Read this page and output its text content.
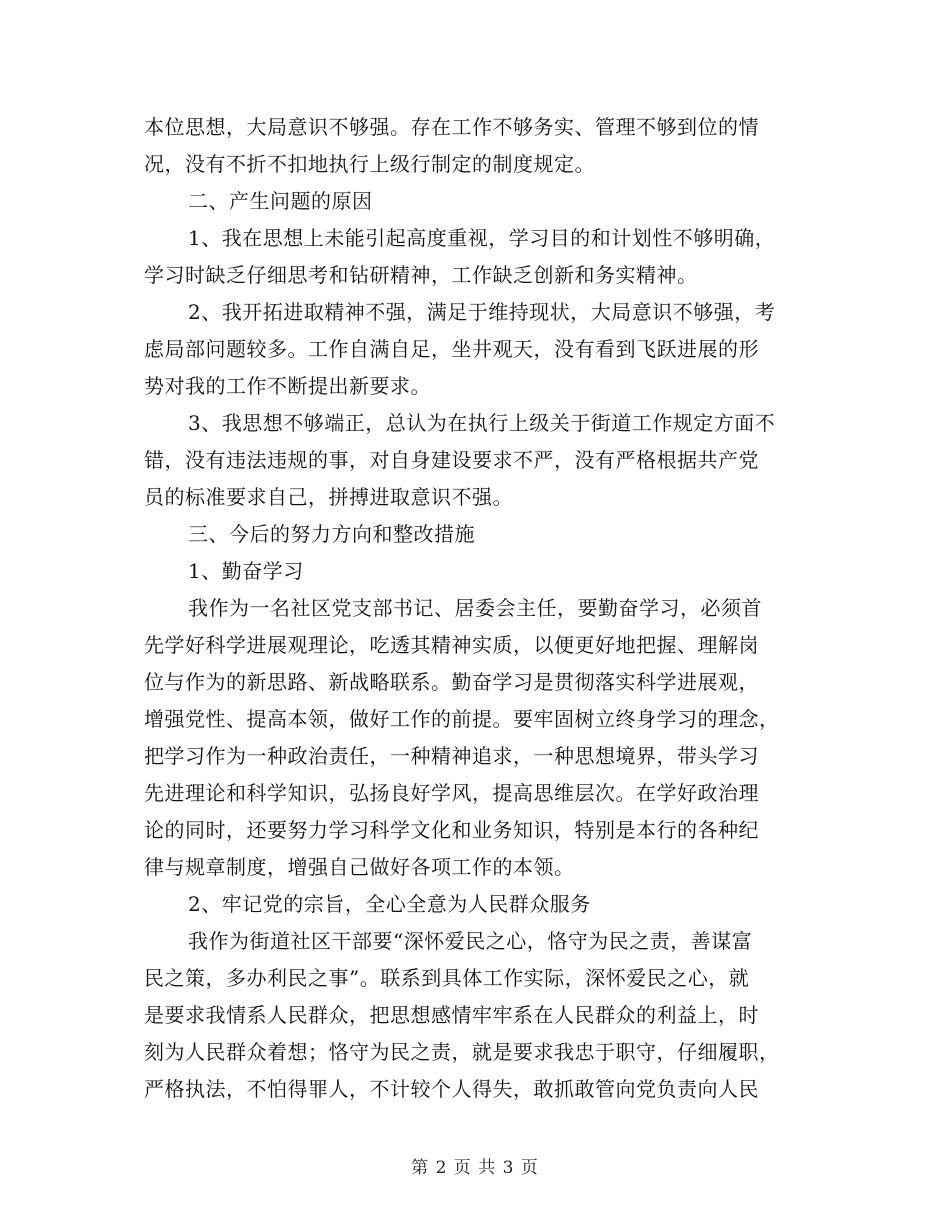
本位思想，大局意识不够强。存在工作不够务实、管理不够到位的情
况，没有不折不扣地执行上级行制定的制度规定。
二、产生问题的原因
1、我在思想上未能引起高度重视，学习目的和计划性不够明确，
学习时缺乏仔细思考和钻研精神，工作缺乏创新和务实精神。
2、我开拓进取精神不强，满足于维持现状，大局意识不够强，考
虑局部问题较多。工作自满自足，坐井观天，没有看到飞跃进展的形
势对我的工作不断提出新要求。
3、我思想不够端正，总认为在执行上级关于街道工作规定方面不
错，没有违法违规的事，对自身建设要求不严，没有严格根据共产党
员的标准要求自己，拼搏进取意识不强。
三、今后的努力方向和整改措施
1、勤奋学习
我作为一名社区党支部书记、居委会主任，要勤奋学习，必须首
先学好科学进展观理论，吃透其精神实质，以便更好地把握、理解岗
位与作为的新思路、新战略联系。勤奋学习是贯彻落实科学进展观，
增强党性、提高本领，做好工作的前提。要牢固树立终身学习的理念，
把学习作为一种政治责任，一种精神追求，一种思想境界，带头学习
先进理论和科学知识，弘扬良好学风，提高思维层次。在学好政治理
论的同时，还要努力学习科学文化和业务知识，特别是本行的各种纪
律与规章制度，增强自己做好各项工作的本领。
2、牢记党的宗旨，全心全意为人民群众服务
我作为街道社区干部要“深怀爱民之心，恪守为民之责，善谋富
民之策，多办利民之事”。联系到具体工作实际，深怀爱民之心，就
是要求我情系人民群众，把思想感情牢牢系在人民群众的利益上，时
刻为人民群众着想；恪守为民之责，就是要求我忠于职守，仔细履职，
严格执法，不怕得罪人，不计较个人得失，敢抓敢管向党负责向人民
第 2 页 共 3 页
